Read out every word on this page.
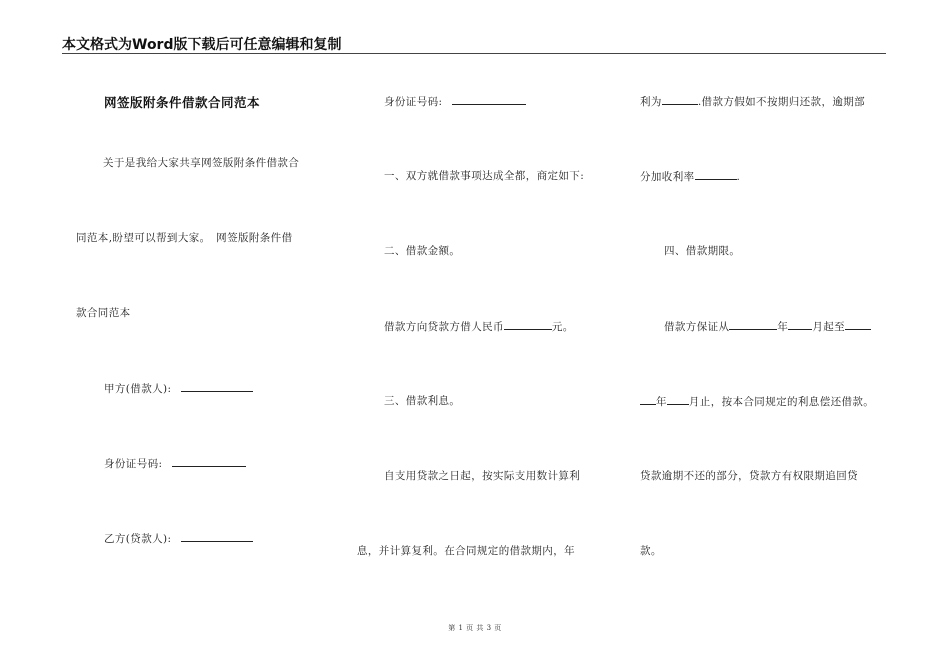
本文格式为Word版下载后可任意编辑和复制
网签版附条件借款合同范本
关于是我给大家共享网签版附条件借款合
同范本,盼望可以帮到大家。　网签版附条件借
款合同范本
甲方(借款人):
身份证号码:
乙方(贷款人):
身份证号码:
一、双方就借款事项达成全都，商定如下:
二、借款金额。
借款方向贷款方借人民币	元。
三、借款利息。
自支用贷款之日起，按实际支用数计算利
息，并计算复利。在合同规定的借款期内，年
利为	.借款方假如不按期归还款，逾期部
分加收利率	.
四、借款期限。
借款方保证从	年 月起至
年 月止，按本合同规定的利息偿还借款。
贷款逾期不还的部分，贷款方有权限期追回贷
款。
第 1 页 共 3 页
